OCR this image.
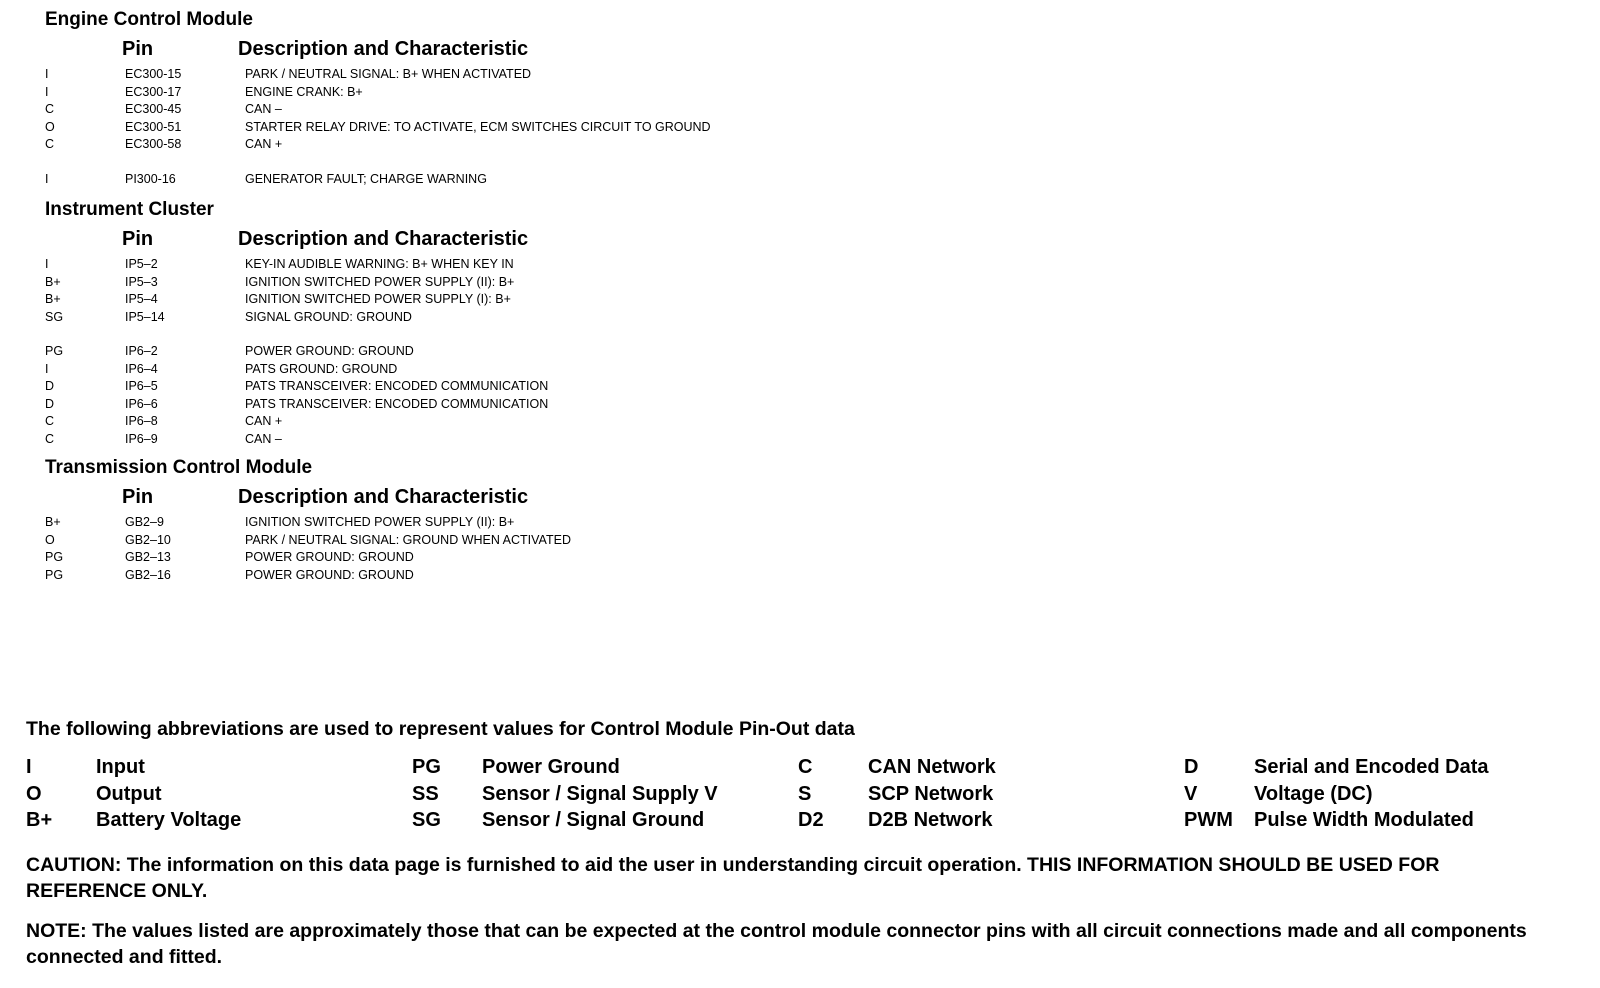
Engine Control Module
Pin	Description and Characteristic
I	EC300-15	PARK / NEUTRAL SIGNAL: B+ WHEN ACTIVATED
I	EC300-17	ENGINE CRANK: B+
C	EC300-45	CAN –
O	EC300-51	STARTER RELAY DRIVE: TO ACTIVATE, ECM SWITCHES CIRCUIT TO GROUND
C	EC300-58	CAN +
I	PI300-16	GENERATOR FAULT; CHARGE WARNING
Instrument Cluster
Pin	Description and Characteristic
I	IP5–2	KEY-IN AUDIBLE WARNING: B+ WHEN KEY IN
B+	IP5–3	IGNITION SWITCHED POWER SUPPLY (II): B+
B+	IP5–4	IGNITION SWITCHED POWER SUPPLY (I): B+
SG	IP5–14	SIGNAL GROUND: GROUND
PG	IP6–2	POWER GROUND: GROUND
I	IP6–4	PATS GROUND: GROUND
D	IP6–5	PATS TRANSCEIVER: ENCODED COMMUNICATION
D	IP6–6	PATS TRANSCEIVER: ENCODED COMMUNICATION
C	IP6–8	CAN +
C	IP6–9	CAN –
Transmission Control Module
Pin	Description and Characteristic
B+	GB2–9	IGNITION SWITCHED POWER SUPPLY (II): B+
O	GB2–10	PARK / NEUTRAL SIGNAL: GROUND WHEN ACTIVATED
PG	GB2–13	POWER GROUND: GROUND
PG	GB2–16	POWER GROUND: GROUND
The following abbreviations are used to represent values for Control Module Pin-Out data
I	Input	PG Power Ground	C	CAN Network	D	Serial and Encoded Data
O	Output	SS Sensor / Signal Supply V	S	SCP Network	V	Voltage (DC)
B+ Battery Voltage	SG Sensor / Signal Ground	D2 D2B Network	PWM Pulse Width Modulated
CAUTION: The information on this data page is furnished to aid the user in understanding circuit operation. THIS INFORMATION SHOULD BE USED FOR REFERENCE ONLY.
NOTE: The values listed are approximately those that can be expected at the control module connector pins with all circuit connections made and all components connected and fitted.
